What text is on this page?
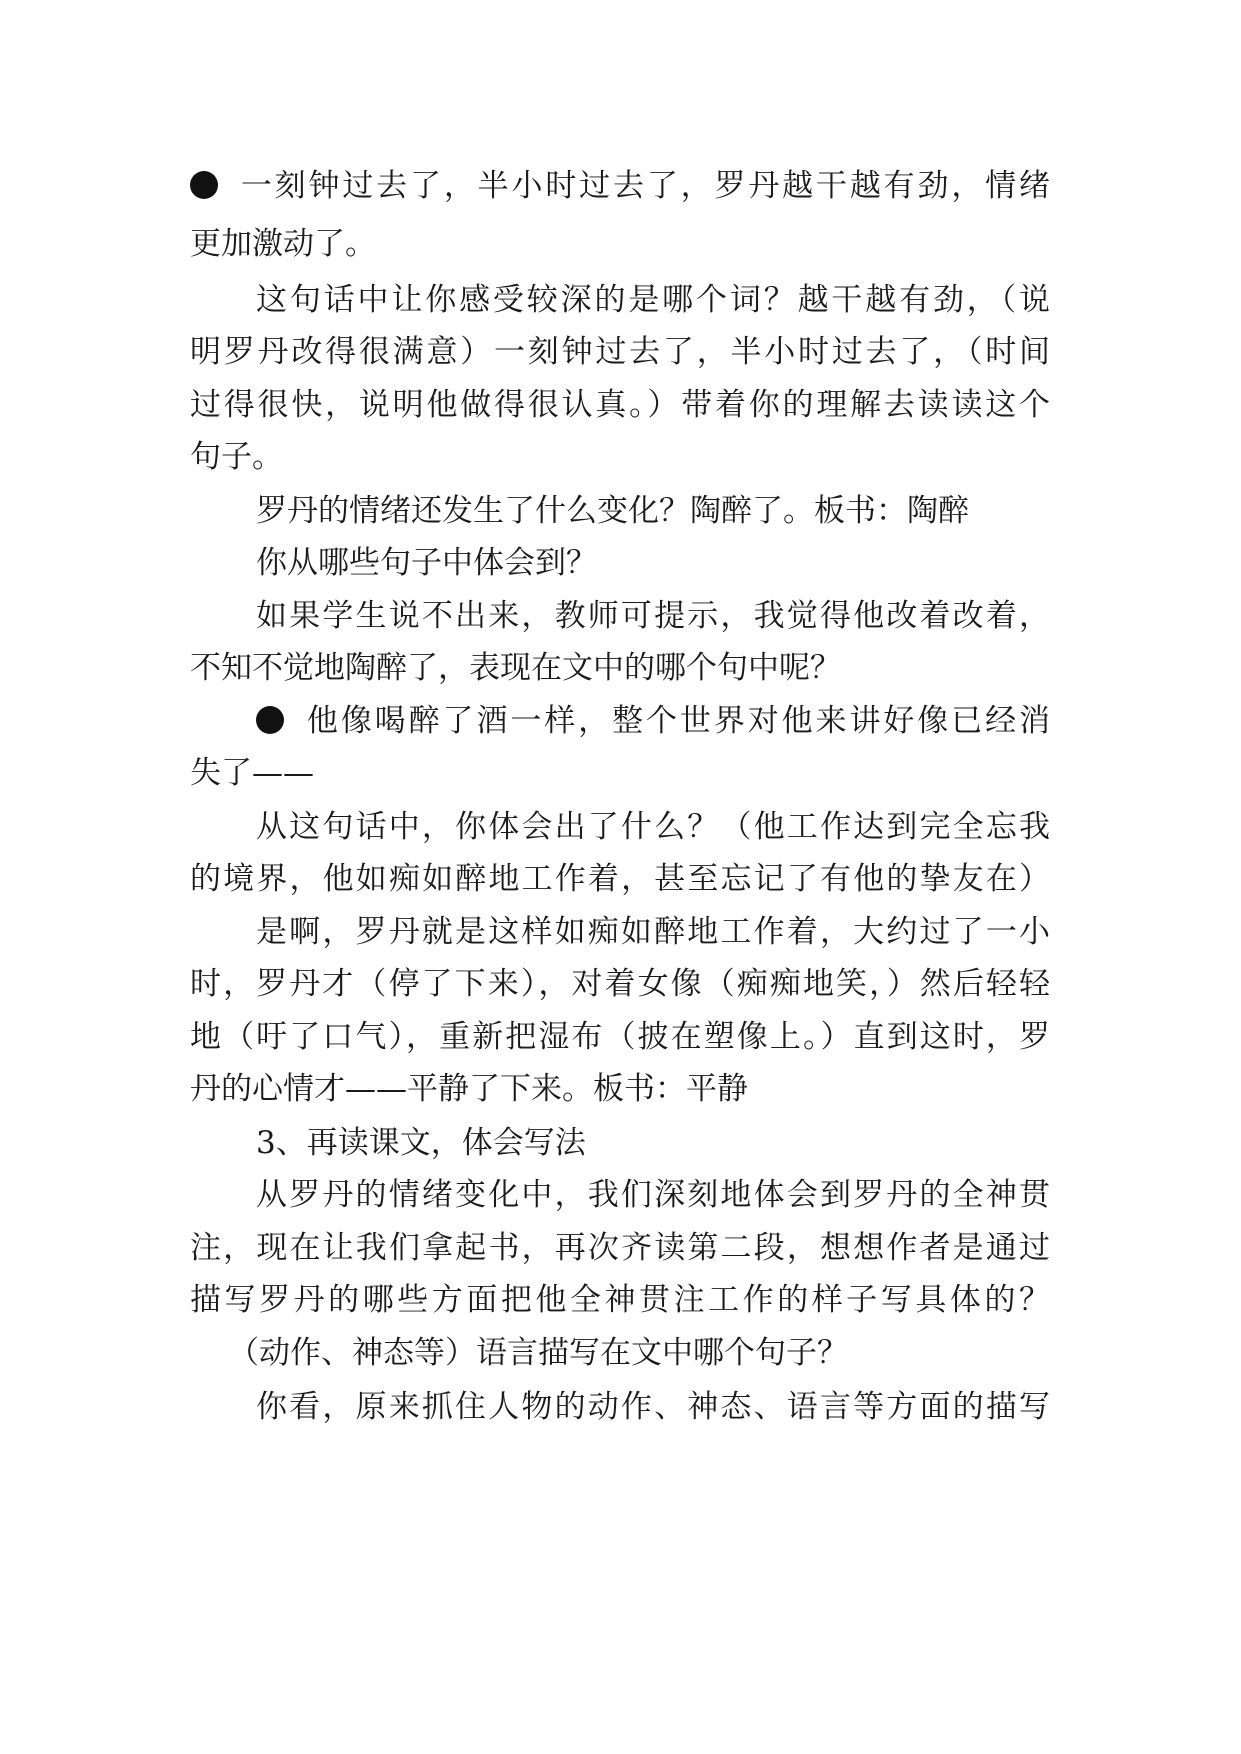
一刻钟过去了，半小时过去了，罗丹越干越有劲，情绪
更加激动了。
这句话中让你感受较深的是哪个词？越干越有劲，（说
明罗丹改得很满意）一刻钟过去了，半小时过去了，（时间
过得很快，说明他做得很认真。）带着你的理解去读读这个
句子。
罗丹的情绪还发生了什么变化？陶醉了。板书：陶醉
你从哪些句子中体会到？
如果学生说不出来，教师可提示，我觉得他改着改着，
不知不觉地陶醉了，表现在文中的哪个句中呢？
他像喝醉了酒一样，整个世界对他来讲好像已经消
失了——
从这句话中，你体会出了什么？（他工作达到完全忘我
的境界，他如痴如醉地工作着，甚至忘记了有他的挚友在）
是啊，罗丹就是这样如痴如醉地工作着，大约过了一小
时，罗丹才（停了下来），对着女像（痴痴地笑，）然后轻轻
地（吁了口气），重新把湿布（披在塑像上。）直到这时，罗
丹的心情才——平静了下来。板书：平静
3、再读课文，体会写法
从罗丹的情绪变化中，我们深刻地体会到罗丹的全神贯
注，现在让我们拿起书，再次齐读第二段，想想作者是通过
描写罗丹的哪些方面把他全神贯注工作的样子写具体的？
（动作、神态等）语言描写在文中哪个句子？
你看，原来抓住人物的动作、神态、语言等方面的描写
